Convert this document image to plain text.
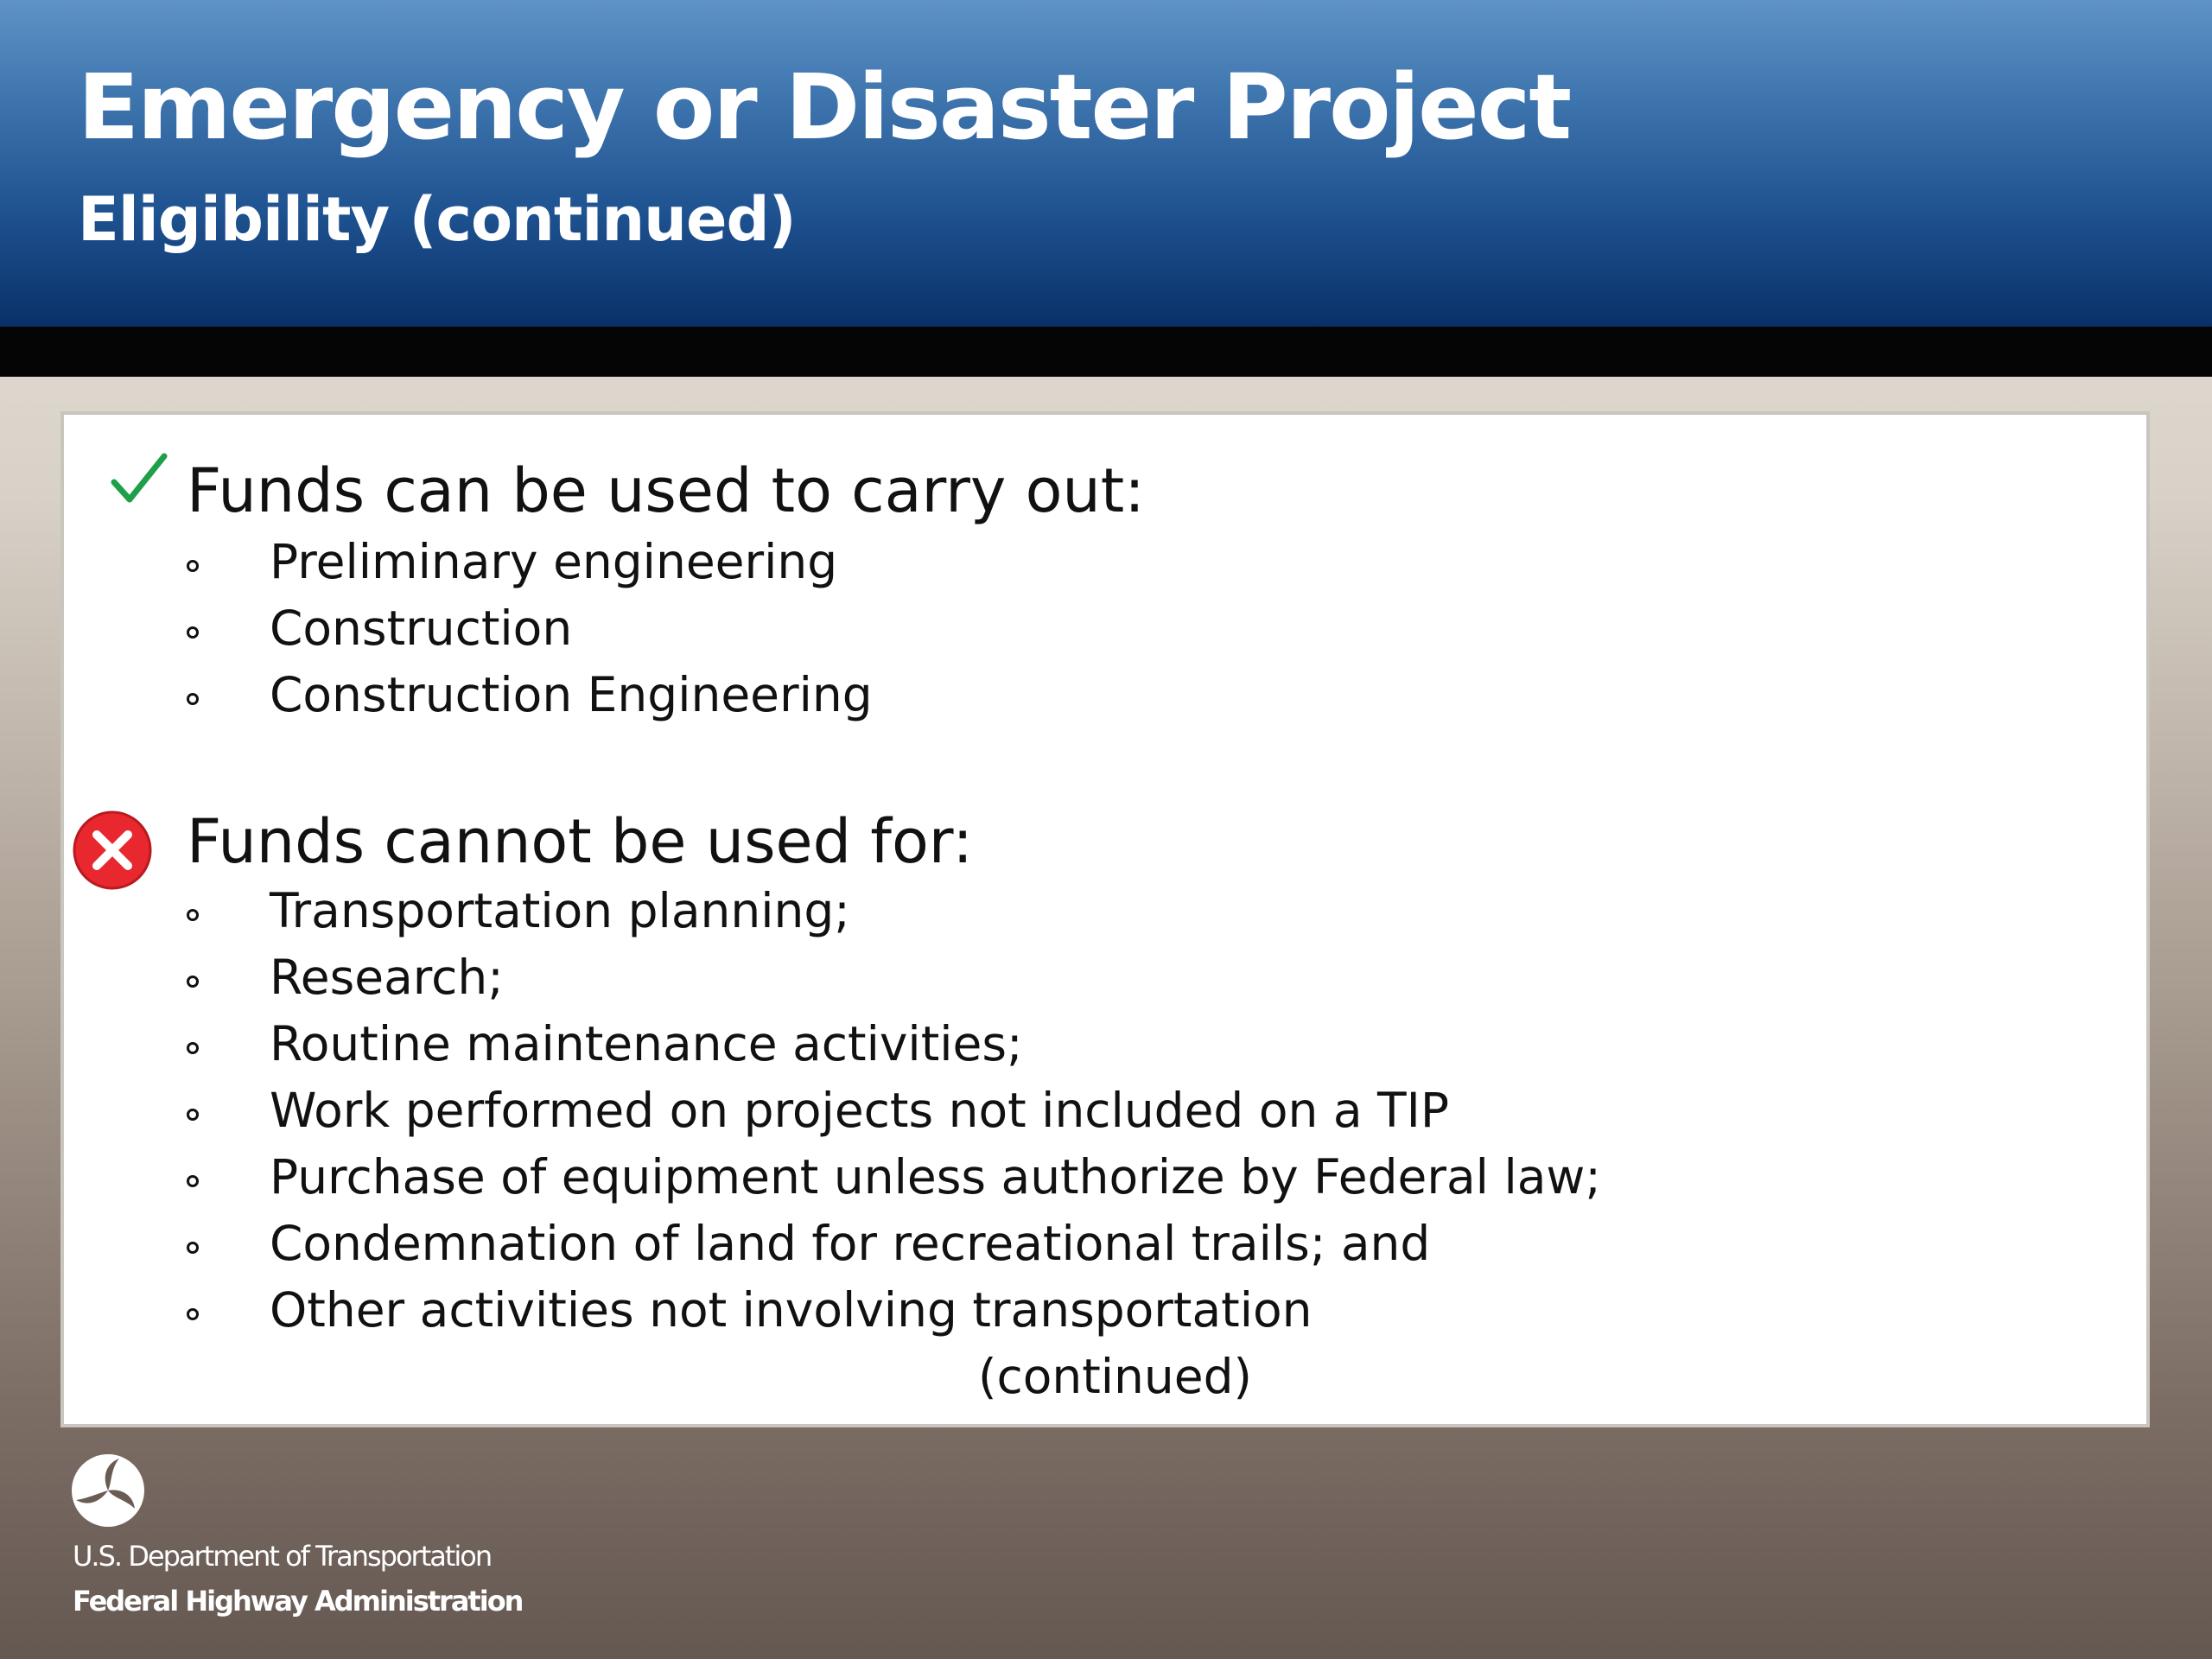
Emergency or Disaster Project
Eligibility (continued)
Funds can be used to carry out:
Preliminary engineering
Construction
Construction Engineering
Funds cannot be used for:
Transportation planning;
Research;
Routine maintenance activities;
Work performed on projects not included on a TIP
Purchase of equipment unless authorize by Federal law;
Condemnation of land for recreational trails; and
Other activities not involving transportation
(continued)
U.S. Department of Transportation
Federal Highway Administration
